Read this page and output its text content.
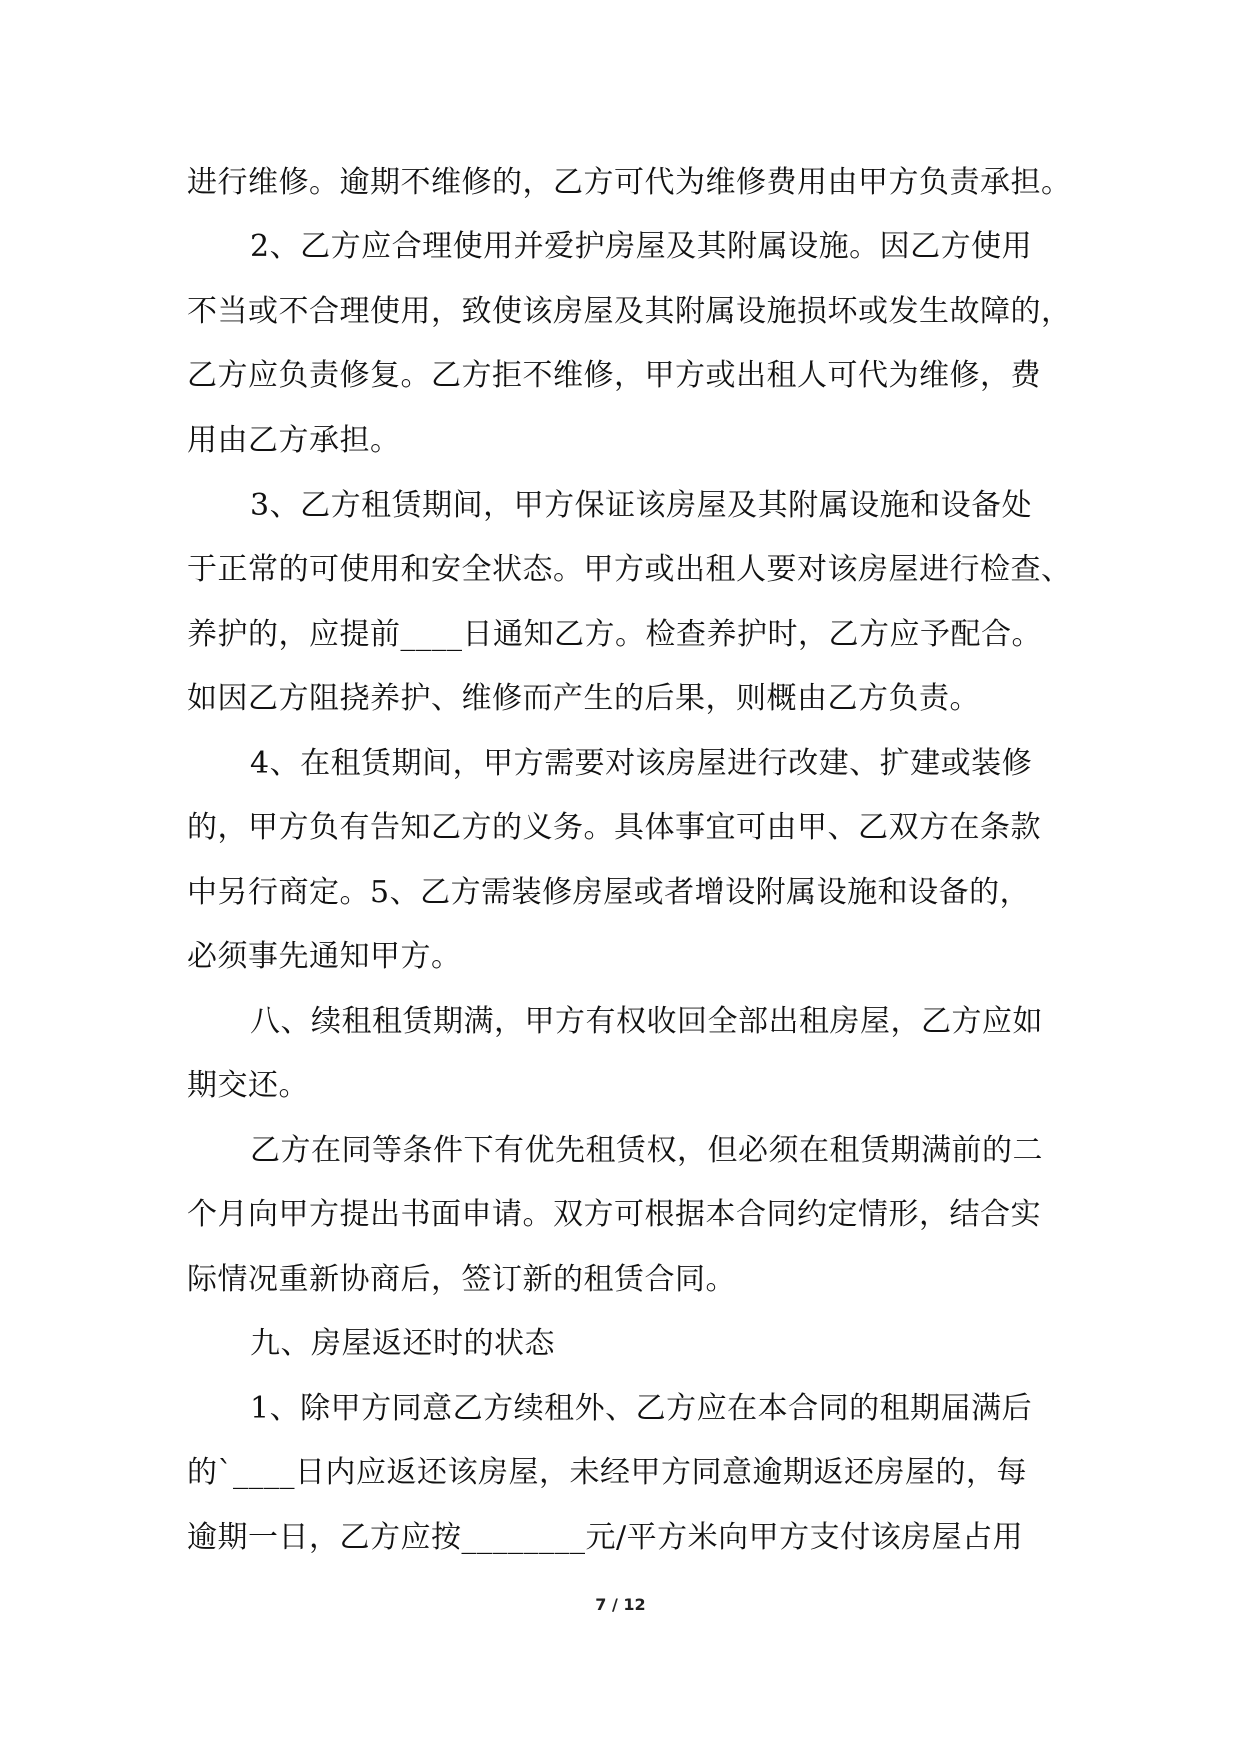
进行维修。逾期不维修的，乙方可代为维修费用由甲方负责承担。
2、乙方应合理使用并爱护房屋及其附属设施。因乙方使用
不当或不合理使用，致使该房屋及其附属设施损坏或发生故障的，
乙方应负责修复。乙方拒不维修，甲方或出租人可代为维修，费
用由乙方承担。
3、乙方租赁期间，甲方保证该房屋及其附属设施和设备处
于正常的可使用和安全状态。甲方或出租人要对该房屋进行检查、
养护的，应提前____日通知乙方。检查养护时，乙方应予配合。
如因乙方阻挠养护、维修而产生的后果，则概由乙方负责。
4、在租赁期间，甲方需要对该房屋进行改建、扩建或装修
的，甲方负有告知乙方的义务。具体事宜可由甲、乙双方在条款
中另行商定。5、乙方需装修房屋或者增设附属设施和设备的，
必须事先通知甲方。
八、续租租赁期满，甲方有权收回全部出租房屋，乙方应如
期交还。
乙方在同等条件下有优先租赁权，但必须在租赁期满前的二
个月向甲方提出书面申请。双方可根据本合同约定情形，结合实
际情况重新协商后，签订新的租赁合同。
九、房屋返还时的状态
1、除甲方同意乙方续租外、乙方应在本合同的租期届满后
的`____日内应返还该房屋，未经甲方同意逾期返还房屋的，每
逾期一日，乙方应按________元/平方米向甲方支付该房屋占用
7 / 12
